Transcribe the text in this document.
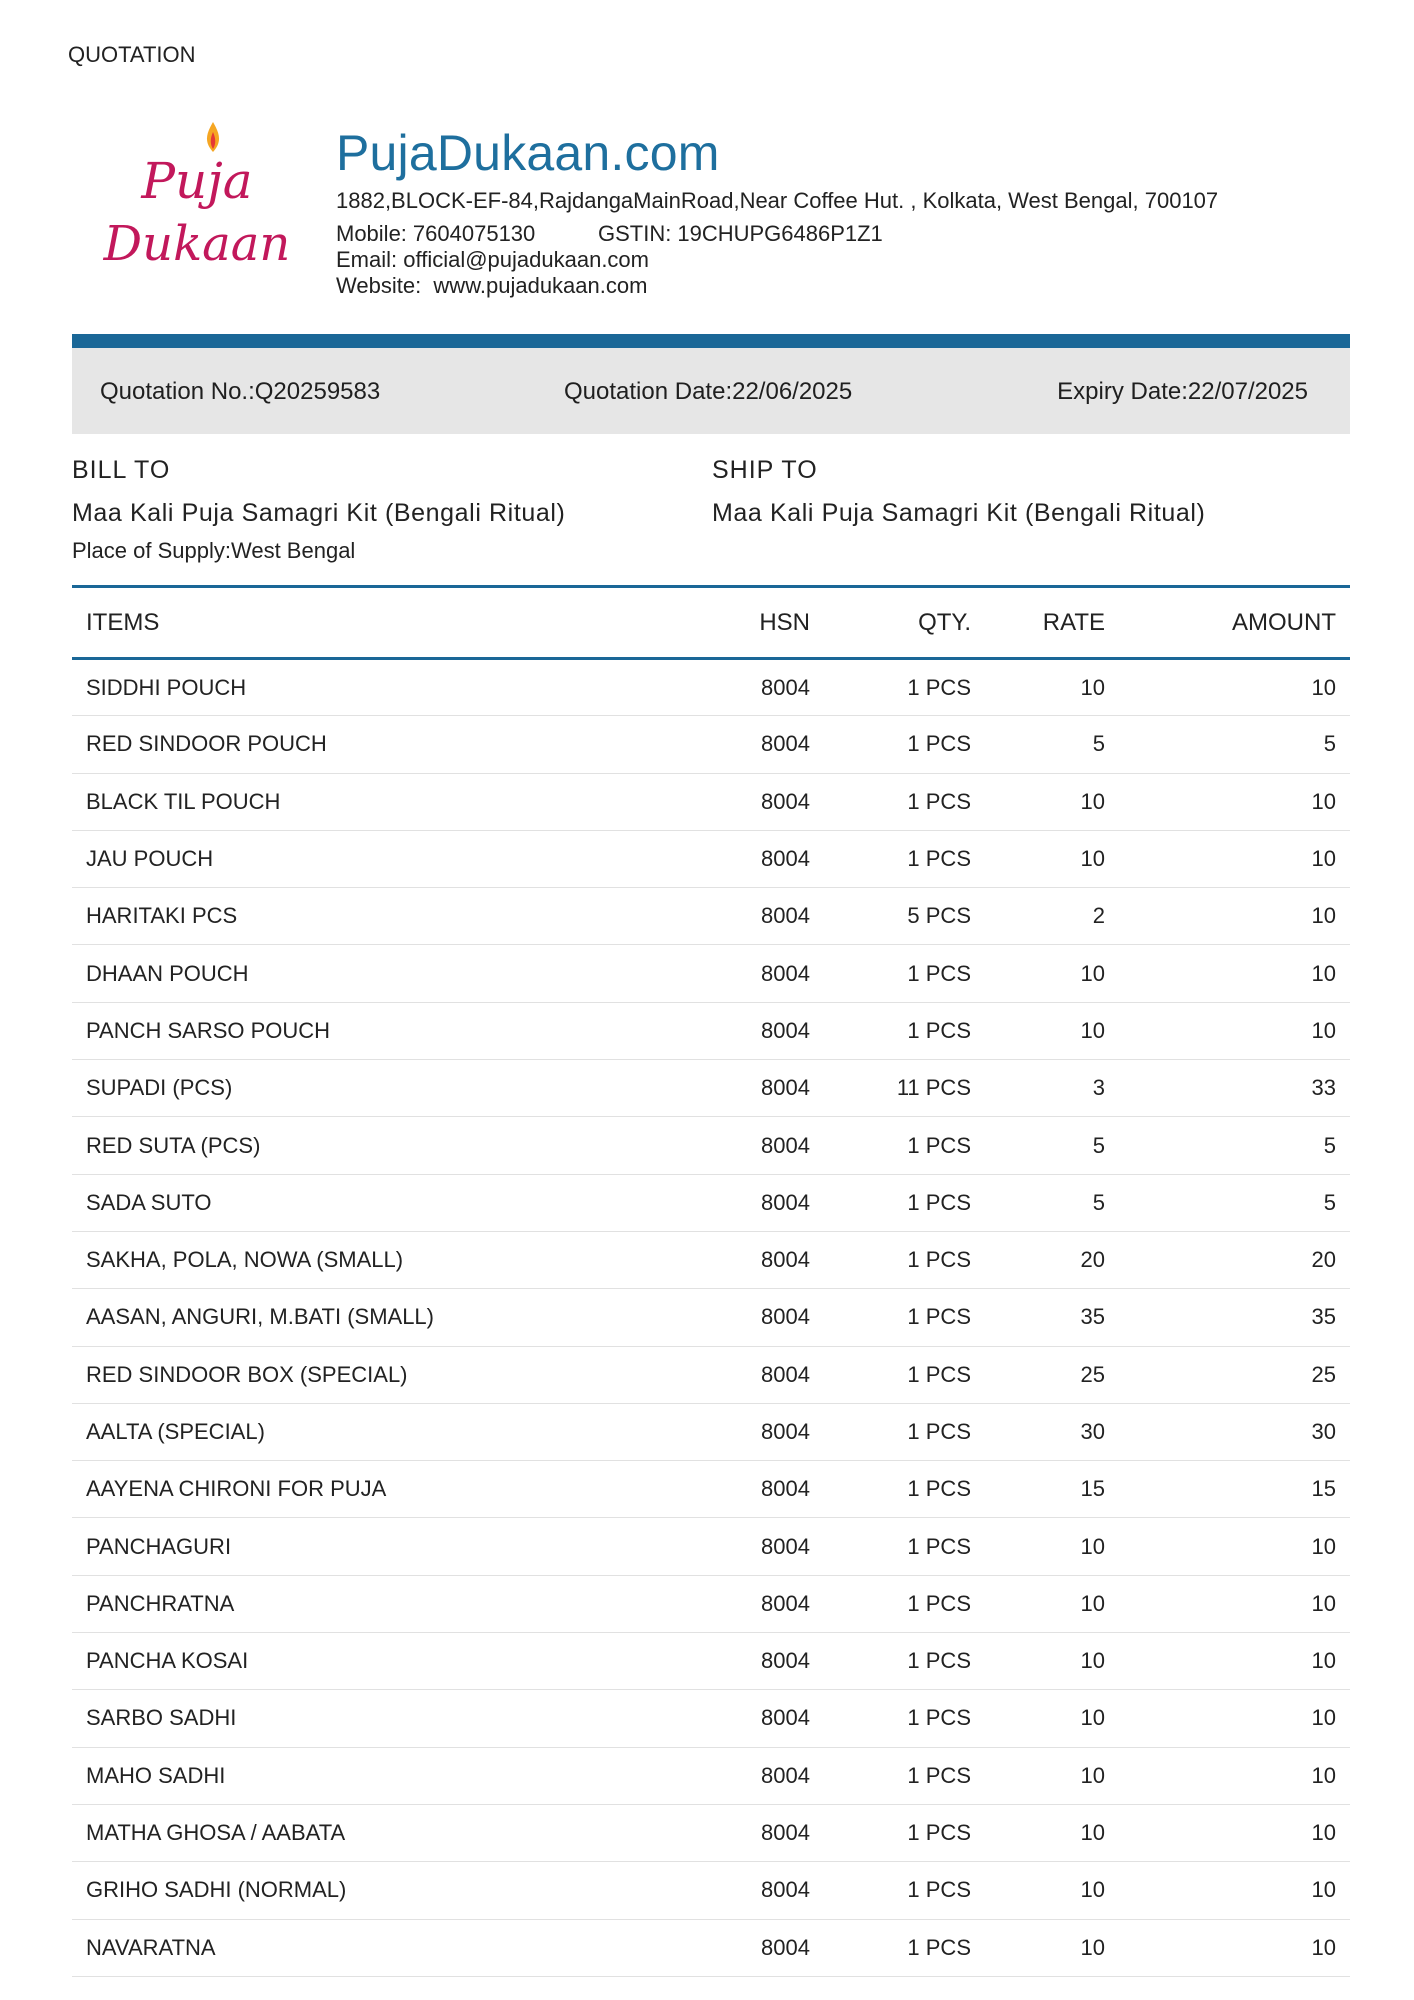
QUOTATION
Puja
Dukaan
PujaDukaan.com
1882,BLOCK-EF-84,RajdangaMainRoad,Near Coffee Hut. , Kolkata, West Bengal, 700107
Mobile: 7604075130	GSTIN: 19CHUPG6486P1Z1
Email: official@pujadukaan.com
Website: www.pujadukaan.com
Quotation No.:Q20259583	Quotation Date:22/06/2025	Expiry Date:22/07/2025
BILL TO
Maa Kali Puja Samagri Kit (Bengali Ritual)
Place of Supply:West Bengal
SHIP TO
Maa Kali Puja Samagri Kit (Bengali Ritual)
ITEMS	HSN	QTY.	RATE	AMOUNT
SIDDHI POUCH	8004	1 PCS	10	10
RED SINDOOR POUCH	8004	1 PCS	5	5
BLACK TIL POUCH	8004	1 PCS	10	10
JAU POUCH	8004	1 PCS	10	10
HARITAKI PCS	8004	5 PCS	2	10
DHAAN POUCH	8004	1 PCS	10	10
PANCH SARSO POUCH	8004	1 PCS	10	10
SUPADI (PCS)	8004	11 PCS	3	33
RED SUTA (PCS)	8004	1 PCS	5	5
SADA SUTO	8004	1 PCS	5	5
SAKHA, POLA, NOWA (SMALL)	8004	1 PCS	20	20
AASAN, ANGURI, M.BATI (SMALL)	8004	1 PCS	35	35
RED SINDOOR BOX (SPECIAL)	8004	1 PCS	25	25
AALTA (SPECIAL)	8004	1 PCS	30	30
AAYENA CHIRONI FOR PUJA	8004	1 PCS	15	15
PANCHAGURI	8004	1 PCS	10	10
PANCHRATNA	8004	1 PCS	10	10
PANCHA KOSAI	8004	1 PCS	10	10
SARBO SADHI	8004	1 PCS	10	10
MAHO SADHI	8004	1 PCS	10	10
MATHA GHOSA / AABATA	8004	1 PCS	10	10
GRIHO SADHI (NORMAL)	8004	1 PCS	10	10
NAVARATNA	8004	1 PCS	10	10
